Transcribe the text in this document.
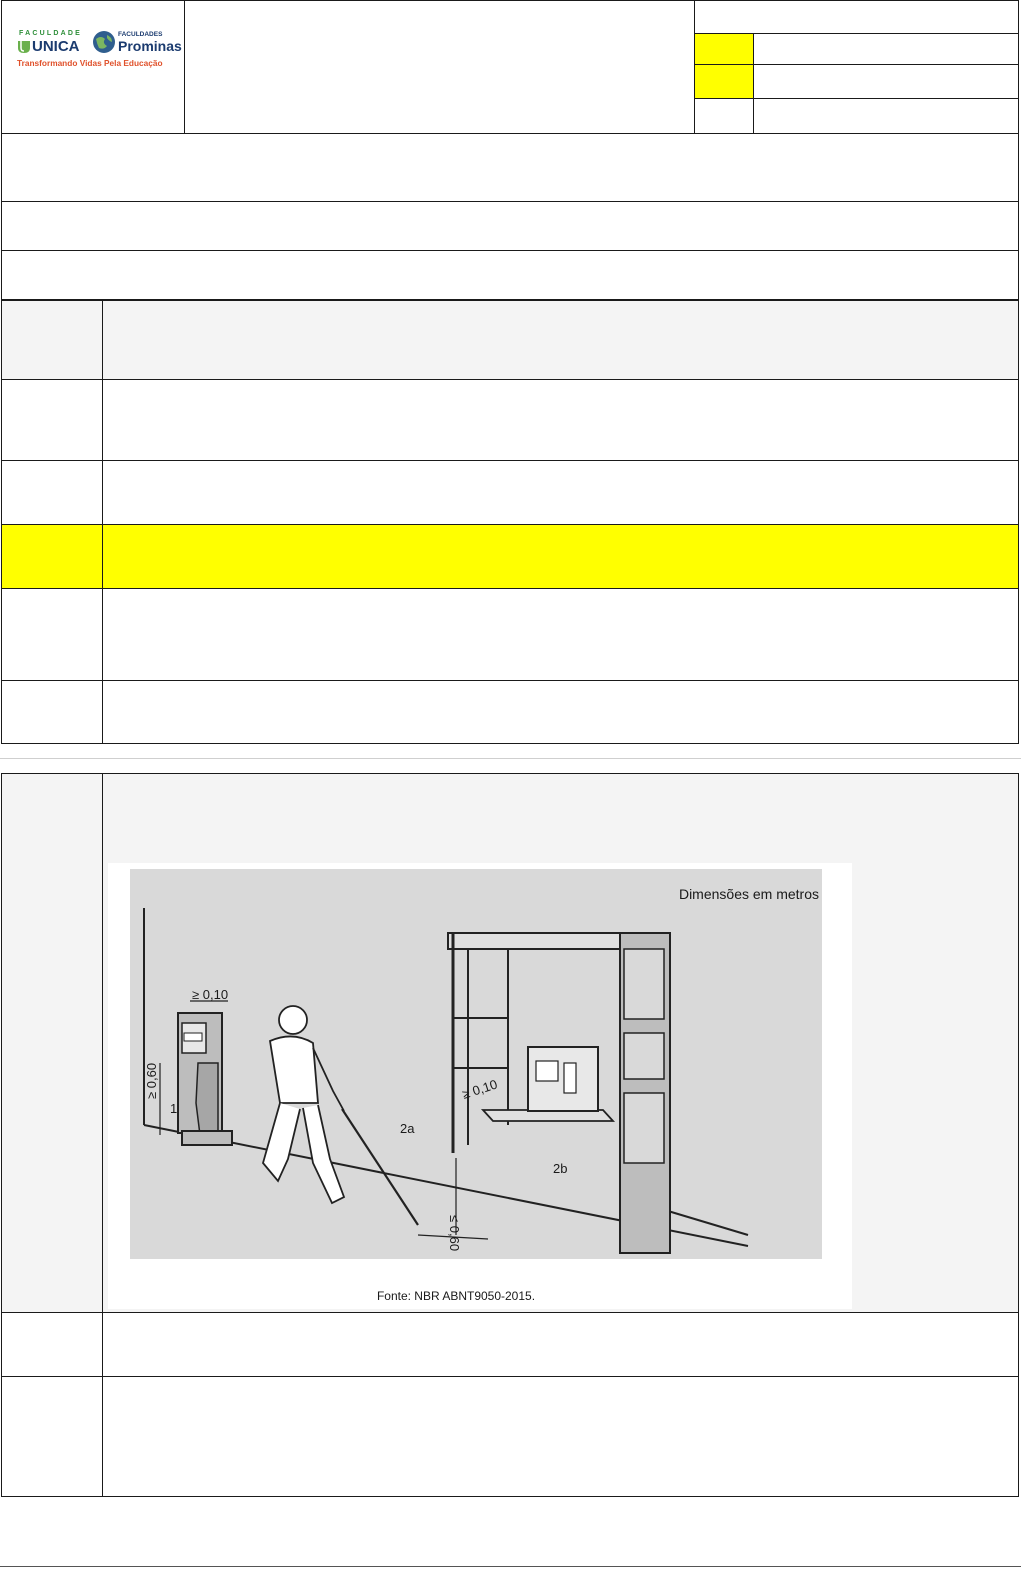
FACULDADE
UNICA
FACULDADES
Prominas
Transformando Vidas Pela Educação
Dimensões em metros
≥ 0,10
≥ 0,60
1
2a
2b
≥ 0,10
≤ 0,60
Fonte: NBR ABNT9050-2015.
